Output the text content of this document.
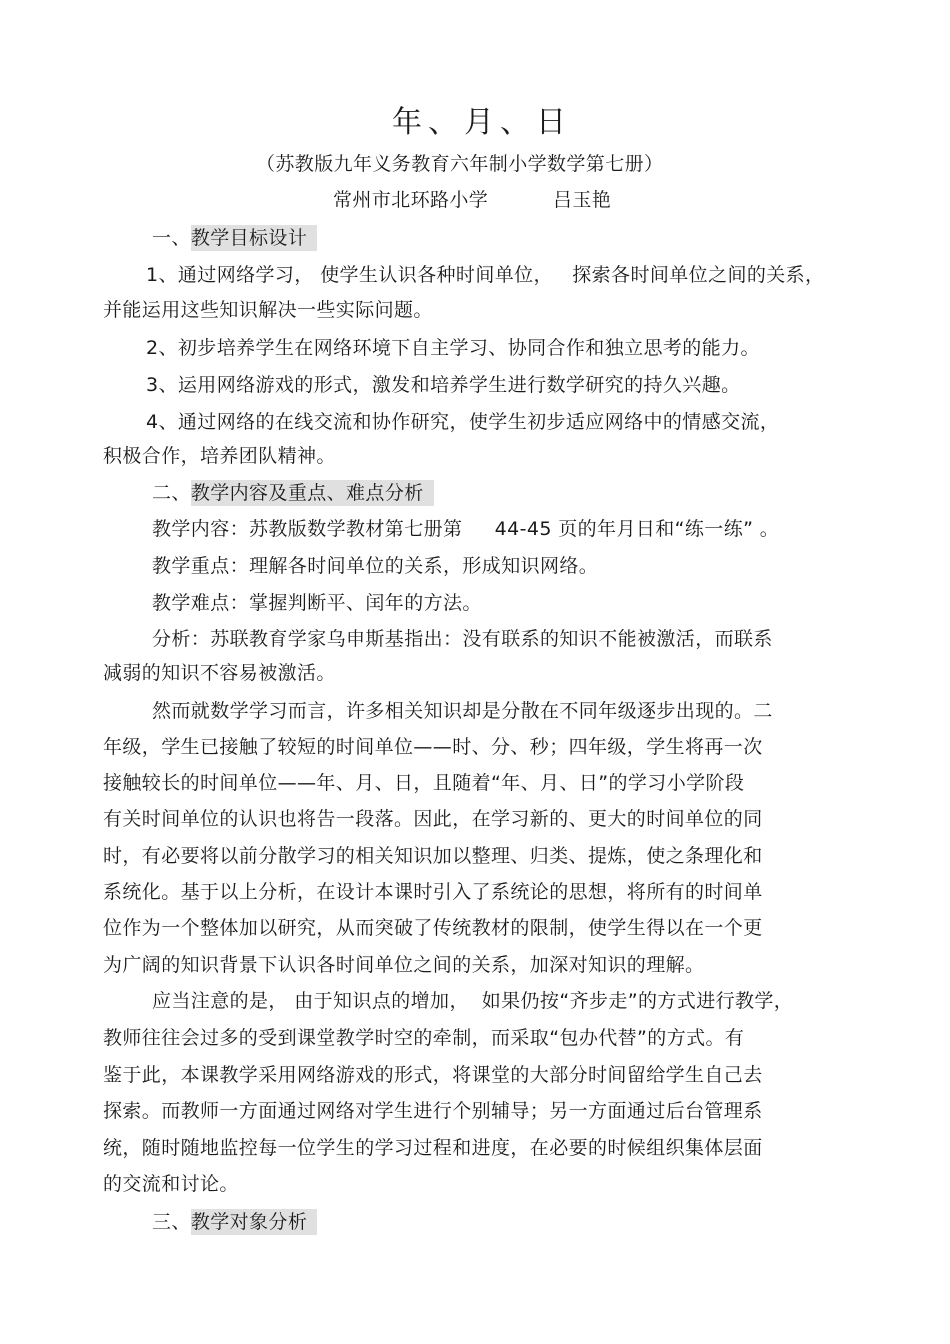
年、月、日
（苏教版九年义务教育六年制小学数学第七册）
常州市北环路小学	吕玉艳
一、教学目标设计
1、通过网络学习， 使学生认识各种时间单位，   探索各时间单位之间的关系，
并能运用这些知识解决一些实际问题。
2、初步培养学生在网络环境下自主学习、协同合作和独立思考的能力。
3、运用网络游戏的形式，激发和培养学生进行数学研究的持久兴趣。
4、通过网络的在线交流和协作研究，使学生初步适应网络中的情感交流，
积极合作，培养团队精神。
二、教学内容及重点、难点分析
教学内容：苏教版数学教材第七册第     44-45 页的年月日和“练一练” 。
教学重点：理解各时间单位的关系，形成知识网络。
教学难点：掌握判断平、闰年的方法。
分析：苏联教育学家乌申斯基指出：没有联系的知识不能被激活，而联系
减弱的知识不容易被激活。
然而就数学学习而言，许多相关知识却是分散在不同年级逐步出现的。二
年级，学生已接触了较短的时间单位——时、分、秒；四年级，学生将再一次
接触较长的时间单位——年、月、日，且随着“年、月、日”的学习小学阶段
有关时间单位的认识也将告一段落。因此，在学习新的、更大的时间单位的同
时，有必要将以前分散学习的相关知识加以整理、归类、提炼，使之条理化和
系统化。基于以上分析，在设计本课时引入了系统论的思想，将所有的时间单
位作为一个整体加以研究，从而突破了传统教材的限制，使学生得以在一个更
为广阔的知识背景下认识各时间单位之间的关系，加深对知识的理解。
应当注意的是， 由于知识点的增加，  如果仍按“齐步走”的方式进行教学，
教师往往会过多的受到课堂教学时空的牵制，而采取“包办代替”的方式。有
鉴于此，本课教学采用网络游戏的形式，将课堂的大部分时间留给学生自己去
探索。而教师一方面通过网络对学生进行个别辅导；另一方面通过后台管理系
统，随时随地监控每一位学生的学习过程和进度，在必要的时候组织集体层面
的交流和讨论。
三、教学对象分析
